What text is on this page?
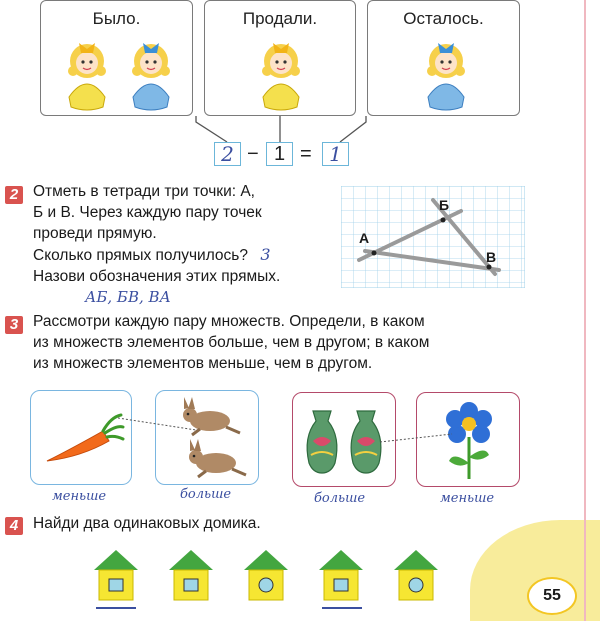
Было.	Продали.	Осталось.
2 − 1 = 1
2 Отметь в тетради три точки: А,
Б и В. Через каждую пару точек
проведи прямую.
Сколько прямых получилось? 3
Назови обозначения этих прямых.
АБ, БВ, ВА
А
Б
В
3 Рассмотри каждую пару множеств. Определи, в каком
из множеств элементов больше, чем в другом; в каком
из множеств элементов меньше, чем в другом.
меньше	больше	больше	меньше
4 Найди два одинаковых домика.
55
